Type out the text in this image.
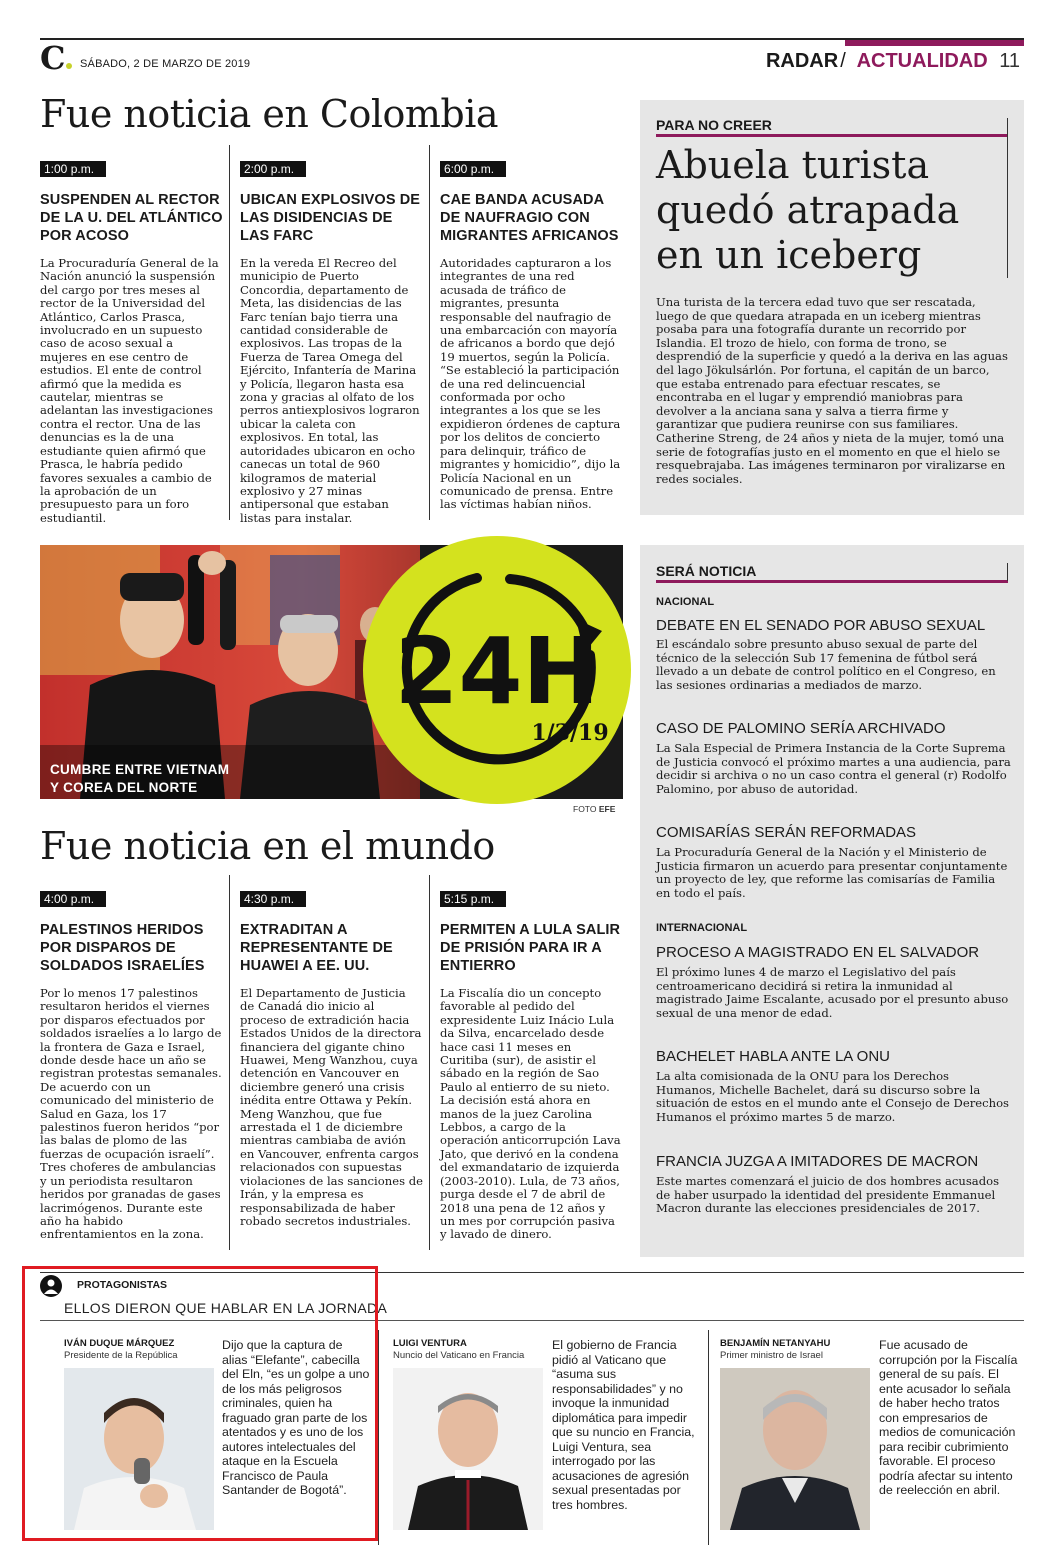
C	SÁBADO, 2 DE MARZO DE 2019	RADAR / ACTUALIDAD 11
Fue noticia en Colombia
1:00 p.m.
SUSPENDEN AL RECTOR DE LA U. DEL ATLÁNTICO POR ACOSO
La Procuraduría General de la Nación anunció la suspensión del cargo por tres meses al rector de la Universidad del Atlántico, Carlos Prasca, involucrado en un supuesto caso de acoso sexual a mujeres en ese centro de estudios. El ente de control afirmó que la medida es cautelar, mientras se adelantan las investigaciones contra el rector. Una de las denuncias es la de una estudiante quien afirmó que Prasca, le habría pedido favores sexuales a cambio de la aprobación de un presupuesto para un foro estudiantil.
2:00 p.m.
UBICAN EXPLOSIVOS DE LAS DISIDENCIAS DE LAS FARC
En la vereda El Recreo del municipio de Puerto Concordia, departamento de Meta, las disidencias de las Farc tenían bajo tierra una cantidad considerable de explosivos. Las tropas de la Fuerza de Tarea Omega del Ejército, Infantería de Marina y Policía, llegaron hasta esa zona y gracias al olfato de los perros antiexplosivos lograron ubicar la caleta con explosivos. En total, las autoridades ubicaron en ocho canecas un total de 960 kilogramos de material explosivo y 27 minas antipersonal que estaban listas para instalar.
6:00 p.m.
CAE BANDA ACUSADA DE NAUFRAGIO CON MIGRANTES AFRICANOS
Autoridades capturaron a los integrantes de una red acusada de tráfico de migrantes, presunta responsable del naufragio de una embarcación con mayoría de africanos a bordo que dejó 19 muertos, según la Policía. “Se estableció la participación de una red delincuencial conformada por ocho integrantes a los que se les expidieron órdenes de captura por los delitos de concierto para delinquir, tráfico de migrantes y homicidio”, dijo la Policía Nacional en un comunicado de prensa. Entre las víctimas habían niños.
PARA NO CREER
Abuela turista quedó atrapada en un iceberg
Una turista de la tercera edad tuvo que ser rescatada, luego de que quedara atrapada en un iceberg mientras posaba para una fotografía durante un recorrido por Islandia. El trozo de hielo, con forma de trono, se desprendió de la superficie y quedó a la deriva en las aguas del lago Jökulsárlón. Por fortuna, el capitán de un barco, que estaba entrenado para efectuar rescates, se encontraba en el lugar y emprendió maniobras para devolver a la anciana sana y salva a tierra firme y garantizar que pudiera reunirse con sus familiares. Catherine Streng, de 24 años y nieta de la mujer, tomó una serie de fotografías justo en el momento en que el hielo se resquebrajaba. Las imágenes terminaron por viralizarse en redes sociales.
24H
1/3/19
CUMBRE ENTRE VIETNAM
Y COREA DEL NORTE
FOTO EFE
SERÁ NOTICIA
NACIONAL
DEBATE EN EL SENADO POR ABUSO SEXUAL
El escándalo sobre presunto abuso sexual de parte del técnico de la selección Sub 17 femenina de fútbol será llevado a un debate de control político en el Congreso, en las sesiones ordinarias a mediados de marzo.
CASO DE PALOMINO SERÍA ARCHIVADO
La Sala Especial de Primera Instancia de la Corte Suprema de Justicia convocó el próximo martes a una audiencia, para decidir si archiva o no un caso contra el general (r) Rodolfo Palomino, por abuso de autoridad.
COMISARÍAS SERÁN REFORMADAS
La Procuraduría General de la Nación y el Ministerio de Justicia firmaron un acuerdo para presentar conjuntamente un proyecto de ley, que reforme las comisarías de Familia en todo el país.
INTERNACIONAL
PROCESO A MAGISTRADO EN EL SALVADOR
El próximo lunes 4 de marzo el Legislativo del país centroamericano decidirá si retira la inmunidad al magistrado Jaime Escalante, acusado por el presunto abuso sexual de una menor de edad.
BACHELET HABLA ANTE LA ONU
La alta comisionada de la ONU para los Derechos Humanos, Michelle Bachelet, dará su discurso sobre la situación de estos en el mundo ante el Consejo de Derechos Humanos el próximo martes 5 de marzo.
FRANCIA JUZGA A IMITADORES DE MACRON
Este martes comenzará el juicio de dos hombres acusados de haber usurpado la identidad del presidente Emmanuel Macron durante las elecciones presidenciales de 2017.
Fue noticia en el mundo
4:00 p.m.
PALESTINOS HERIDOS POR DISPAROS DE SOLDADOS ISRAELÍES
Por lo menos 17 palestinos resultaron heridos el viernes por disparos efectuados por soldados israelíes a lo largo de la frontera de Gaza e Israel, donde desde hace un año se registran protestas semanales. De acuerdo con un comunicado del ministerio de Salud en Gaza, los 17 palestinos fueron heridos “por las balas de plomo de las fuerzas de ocupación israelí”. Tres choferes de ambulancias y un periodista resultaron heridos por granadas de gases lacrimógenos. Durante este año ha habido enfrentamientos en la zona.
4:30 p.m.
EXTRADITAN A REPRESENTANTE DE HUAWEI A EE. UU.
El Departamento de Justicia de Canadá dio inicio al proceso de extradición hacia Estados Unidos de la directora financiera del gigante chino Huawei, Meng Wanzhou, cuya detención en Vancouver en diciembre generó una crisis inédita entre Ottawa y Pekín. Meng Wanzhou, que fue arrestada el 1 de diciembre mientras cambiaba de avión en Vancouver, enfrenta cargos relacionados con supuestas violaciones de las sanciones de Irán, y la empresa es responsabilizada de haber robado secretos industriales.
5:15 p.m.
PERMITEN A LULA SALIR DE PRISIÓN PARA IR A ENTIERRO
La Fiscalía dio un concepto favorable al pedido del expresidente Luiz Inácio Lula da Silva, encarcelado desde hace casi 11 meses en Curitiba (sur), de asistir el sábado en la región de Sao Paulo al entierro de su nieto. La decisión está ahora en manos de la juez Carolina Lebbos, a cargo de la operación anticorrupción Lava Jato, que derivó en la condena del exmandatario de izquierda (2003-2010). Lula, de 73 años, purga desde el 7 de abril de 2018 una pena de 12 años y un mes por corrupción pasiva y lavado de dinero.
PROTAGONISTAS
ELLOS DIERON QUE HABLAR EN LA JORNADA
IVÁN DUQUE MÁRQUEZ
Presidente de la República
Dijo que la captura de alias “Elefante”, cabecilla del Eln, “es un golpe a uno de los más peligrosos criminales, quien ha fraguado gran parte de los atentados y es uno de los autores intelectuales del ataque en la Escuela Francisco de Paula Santander de Bogotá”.
LUIGI VENTURA
Nuncio del Vaticano en Francia
El gobierno de Francia pidió al Vaticano que “asuma sus responsabilidades” y no invoque la inmunidad diplomática para impedir que su nuncio en Francia, Luigi Ventura, sea interrogado por las acusaciones de agresión sexual presentadas por tres hombres.
BENJAMÍN NETANYAHU
Primer ministro de Israel
Fue acusado de corrupción por la Fiscalía general de su país. El ente acusador lo señala de haber hecho tratos con empresarios de medios de comunicación para recibir cubrimiento favorable. El proceso podría afectar su intento de reelección en abril.
